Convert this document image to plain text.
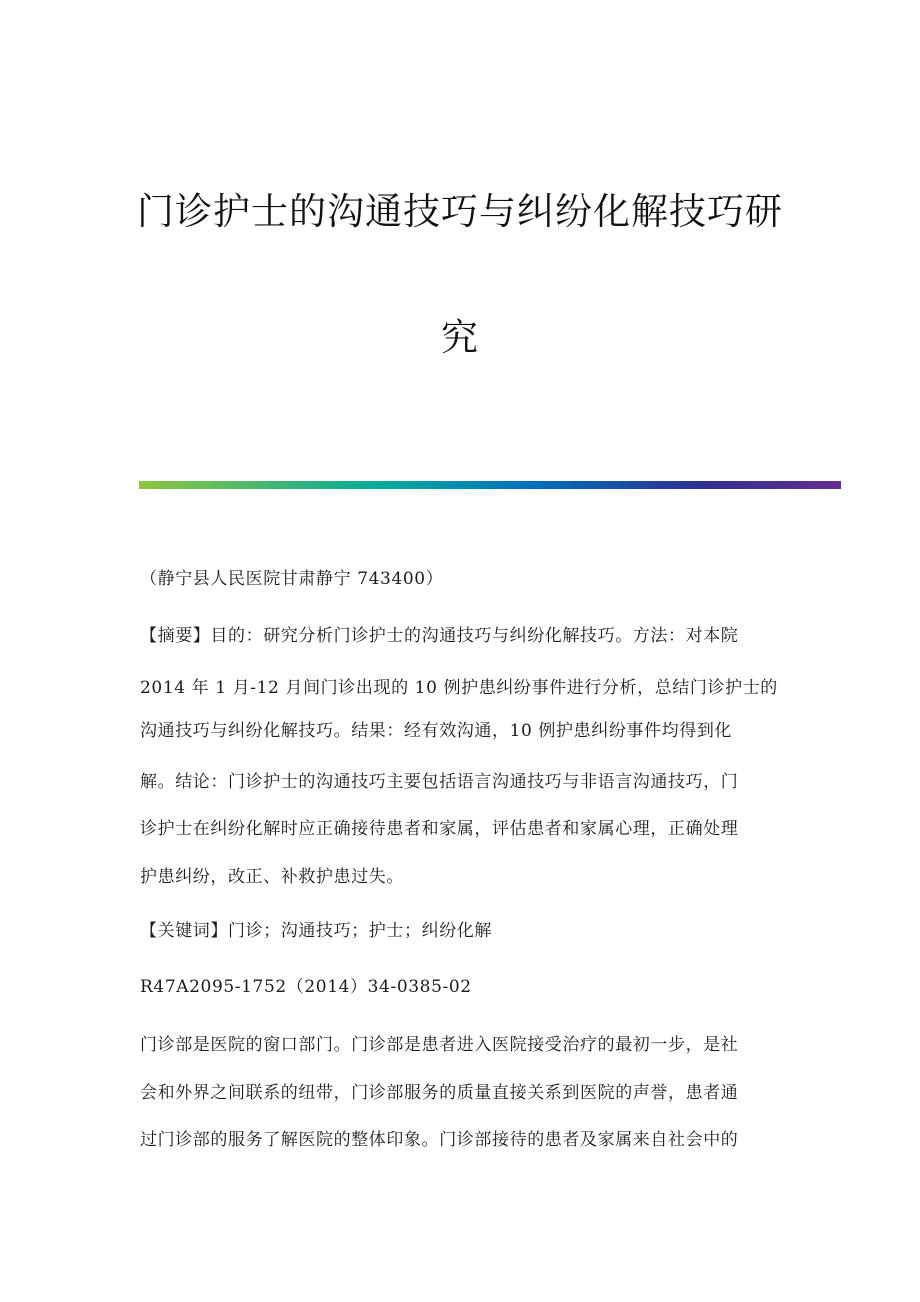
门诊护士的沟通技巧与纠纷化解技巧研
究
（静宁县人民医院甘肃静宁 743400）
【摘要】目的：研究分析门诊护士的沟通技巧与纠纷化解技巧。方法：对本院
2014 年 1 月-12 月间门诊出现的 10 例护患纠纷事件进行分析，总结门诊护士的
沟通技巧与纠纷化解技巧。结果：经有效沟通，10 例护患纠纷事件均得到化
解。结论：门诊护士的沟通技巧主要包括语言沟通技巧与非语言沟通技巧，门
诊护士在纠纷化解时应正确接待患者和家属，评估患者和家属心理，正确处理
护患纠纷，改正、补救护患过失。
【关键词】门诊；沟通技巧；护士；纠纷化解
R47A2095-1752（2014）34-0385-02
门诊部是医院的窗口部门。门诊部是患者进入医院接受治疗的最初一步，是社
会和外界之间联系的纽带，门诊部服务的质量直接关系到医院的声誉，患者通
过门诊部的服务了解医院的整体印象。门诊部接待的患者及家属来自社会中的
